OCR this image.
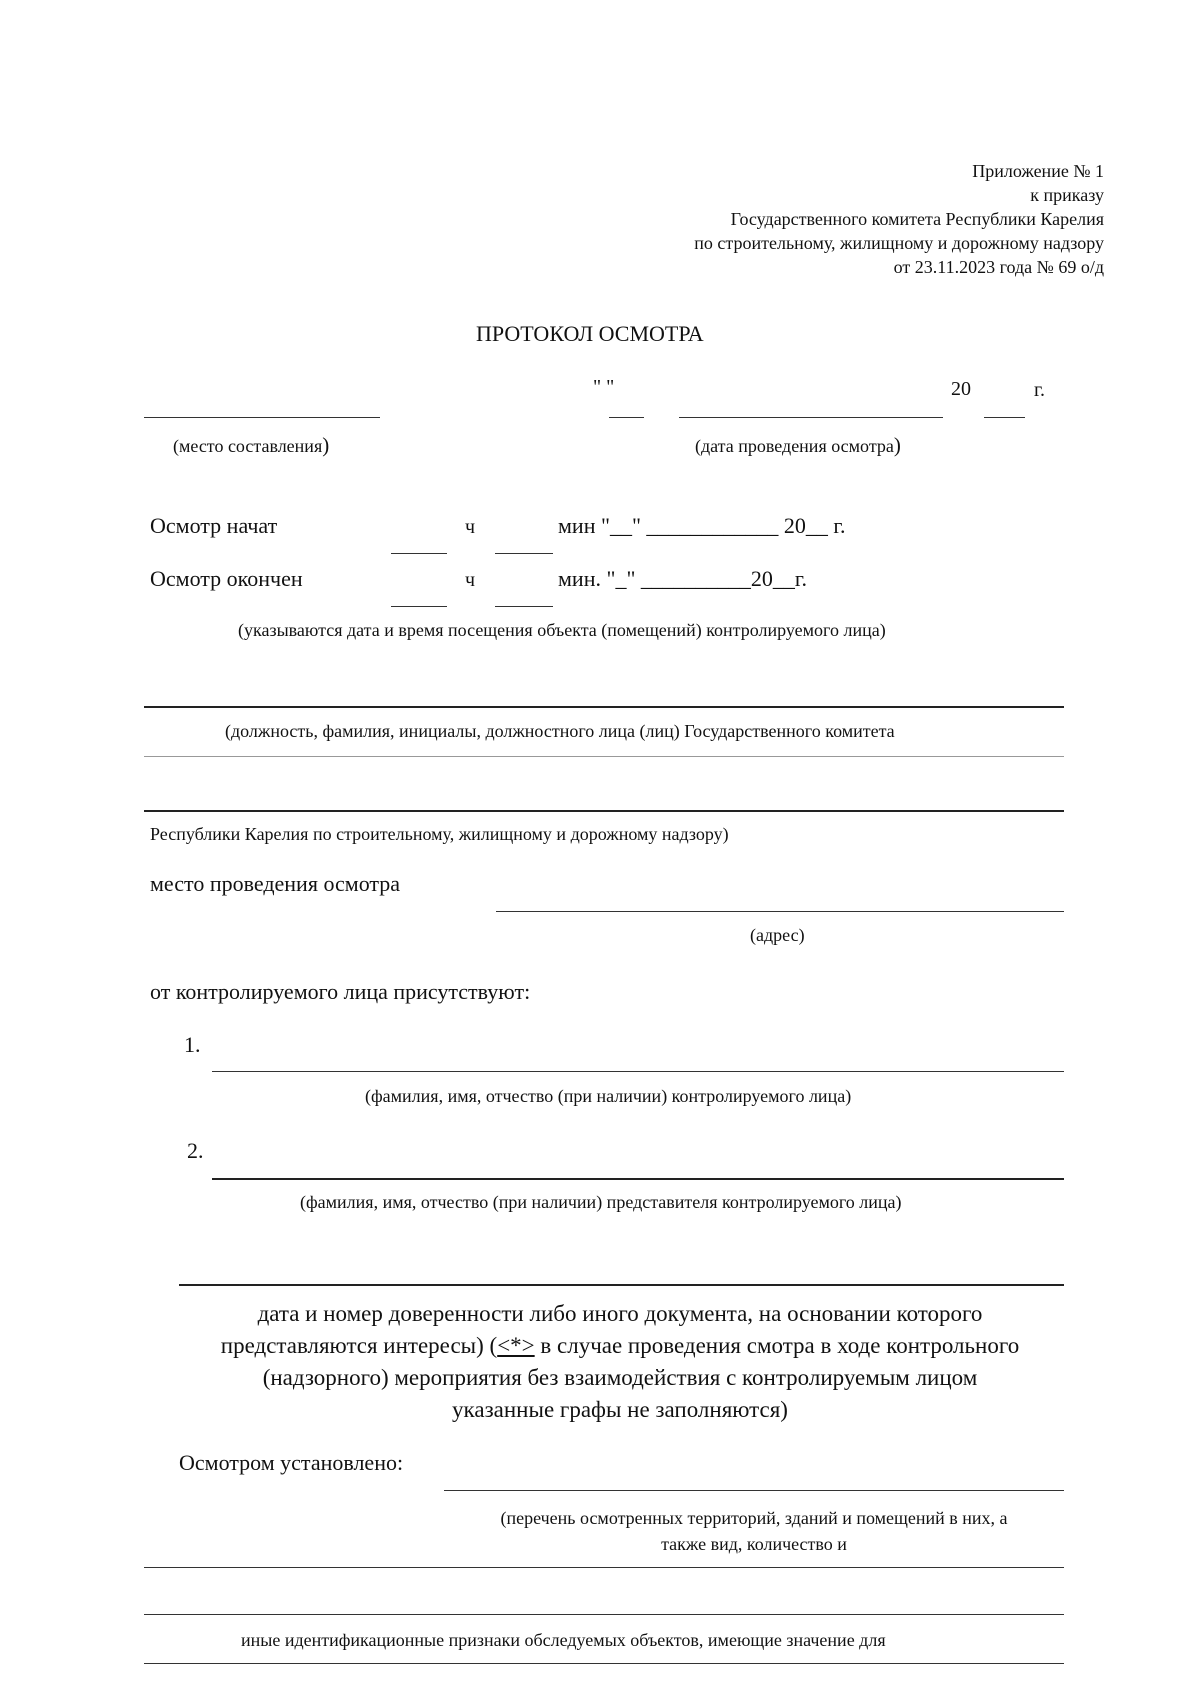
Приложение № 1
к приказу
Государственного комитета Республики Карелия
по строительному, жилищному и дорожному надзору
от 23.11.2023 года № 69 о/д
ПРОТОКОЛ ОСМОТРА
" "	20	г.
(место составления)	(дата проведения осмотра)
Осмотр начат	ч	мин "__" ____________ 20__ г.
Осмотр окончен	ч	мин. "_" __________20__г.
(указываются дата и время посещения объекта (помещений) контролируемого лица)
(должность, фамилия, инициалы, должностного лица (лиц) Государственного комитета
Республики Карелия по строительному, жилищному и дорожному надзору)
место проведения осмотра
(адрес)
от контролируемого лица присутствуют:
1.
(фамилия, имя, отчество (при наличии) контролируемого лица)
2.
(фамилия, имя, отчество (при наличии) представителя контролируемого лица)
дата и номер доверенности либо иного документа, на основании которого
представляются интересы) (<*> в случае проведения смотра в ходе контрольного
(надзорного) мероприятия без взаимодействия с контролируемым лицом
указанные графы не заполняются)
Осмотром установлено:
(перечень осмотренных территорий, зданий и помещений в них, а
также вид, количество и
иные идентификационные признаки обследуемых объектов, имеющие значение для
